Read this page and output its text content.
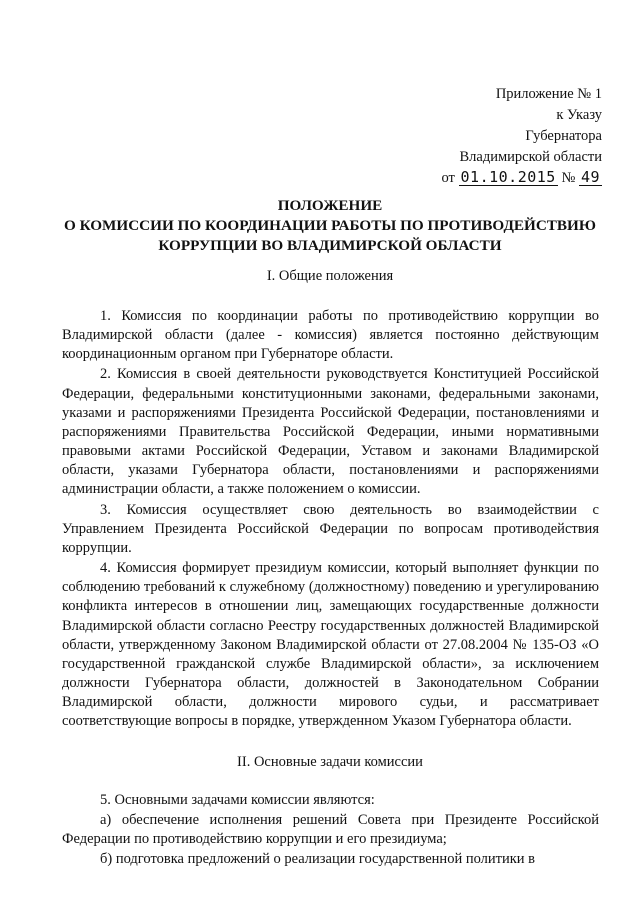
Приложение № 1
к Указу
Губернатора
Владимирской области
от 01.10.2015 № 49
ПОЛОЖЕНИЕ
О КОМИССИИ ПО КООРДИНАЦИИ РАБОТЫ ПО ПРОТИВОДЕЙСТВИЮ
КОРРУПЦИИ ВО ВЛАДИМИРСКОЙ ОБЛАСТИ
I. Общие положения

1. Комиссия по координации работы по противодействию коррупции во Владимирской области (далее - комиссия) является постоянно действующим координационным органом при Губернаторе области.

2. Комиссия в своей деятельности руководствуется Конституцией Российской Федерации, федеральными конституционными законами, федеральными законами, указами и распоряжениями Президента Российской Федерации, постановлениями и распоряжениями Правительства Российской Федерации, иными нормативными правовыми актами Российской Федерации, Уставом и законами Владимирской области, указами Губернатора области, постановлениями и распоряжениями администрации области, а также положением о комиссии.

3. Комиссия осуществляет свою деятельность во взаимодействии с Управлением Президента Российской Федерации по вопросам противодействия коррупции.

4. Комиссия формирует президиум комиссии, который выполняет функции по соблюдению требований к служебному (должностному) поведению и урегулированию конфликта интересов в отношении лиц, замещающих государственные должности Владимирской области согласно Реестру государственных должностей Владимирской области, утвержденному Законом Владимирской области от 27.08.2004 № 135-ОЗ «О государственной гражданской службе Владимирской области», за исключением должности Губернатора области, должностей в Законодательном Собрании Владимирской области, должности мирового судьи, и рассматривает соответствующие вопросы в порядке, утвержденном Указом Губернатора области.

II. Основные задачи комиссии

5. Основными задачами комиссии являются:

а) обеспечение исполнения решений Совета при Президенте Российской Федерации по противодействию коррупции и его президиума;

б) подготовка предложений о реализации государственной политики в
